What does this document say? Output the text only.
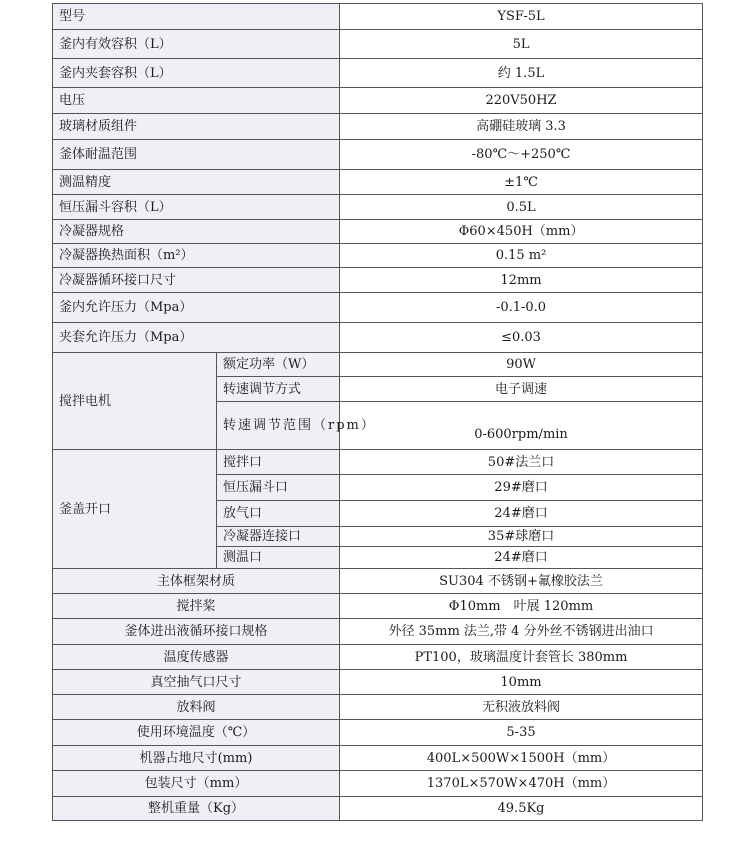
型号		YSF-5L
釜内有效容积（L）		5L
釜内夹套容积（L）		约 1.5L
电压		220V50HZ
玻璃材质组件		高硼硅玻璃 3.3
釜体耐温范围		-80℃～+250℃
测温精度		±1℃
恒压漏斗容积（L）		0.5L
冷凝器规格		Φ60×450H（mm）
冷凝器换热面积（m²）		0.15 m²
冷凝器循环接口尺寸		12mm
釜内允许压力（Mpa）		-0.1-0.0
夹套允许压力（Mpa）		≤0.03
搅拌电机	额定功率（W）	90W
	转速调节方式	电子调速
	转速调节范围（rpm）	0-600rpm/min
釜盖开口	搅拌口	50#法兰口
	恒压漏斗口	29#磨口
	放气口	24#磨口
	冷凝器连接口	35#球磨口
	测温口	24#磨口
主体框架材质		SU304 不锈钢+氟橡胶法兰
搅拌桨		Φ10mm　叶展 120mm
釜体进出液循环接口规格		外径 35mm 法兰,带 4 分外丝不锈钢进出油口
温度传感器		PT100，玻璃温度计套管长 380mm
真空抽气口尺寸		10mm
放料阀		无积液放料阀
使用环境温度（℃）		5-35
机器占地尺寸(mm)		400L×500W×1500H（mm）
包装尺寸（mm）		1370L×570W×470H（mm）
整机重量（Kg）		49.5Kg
